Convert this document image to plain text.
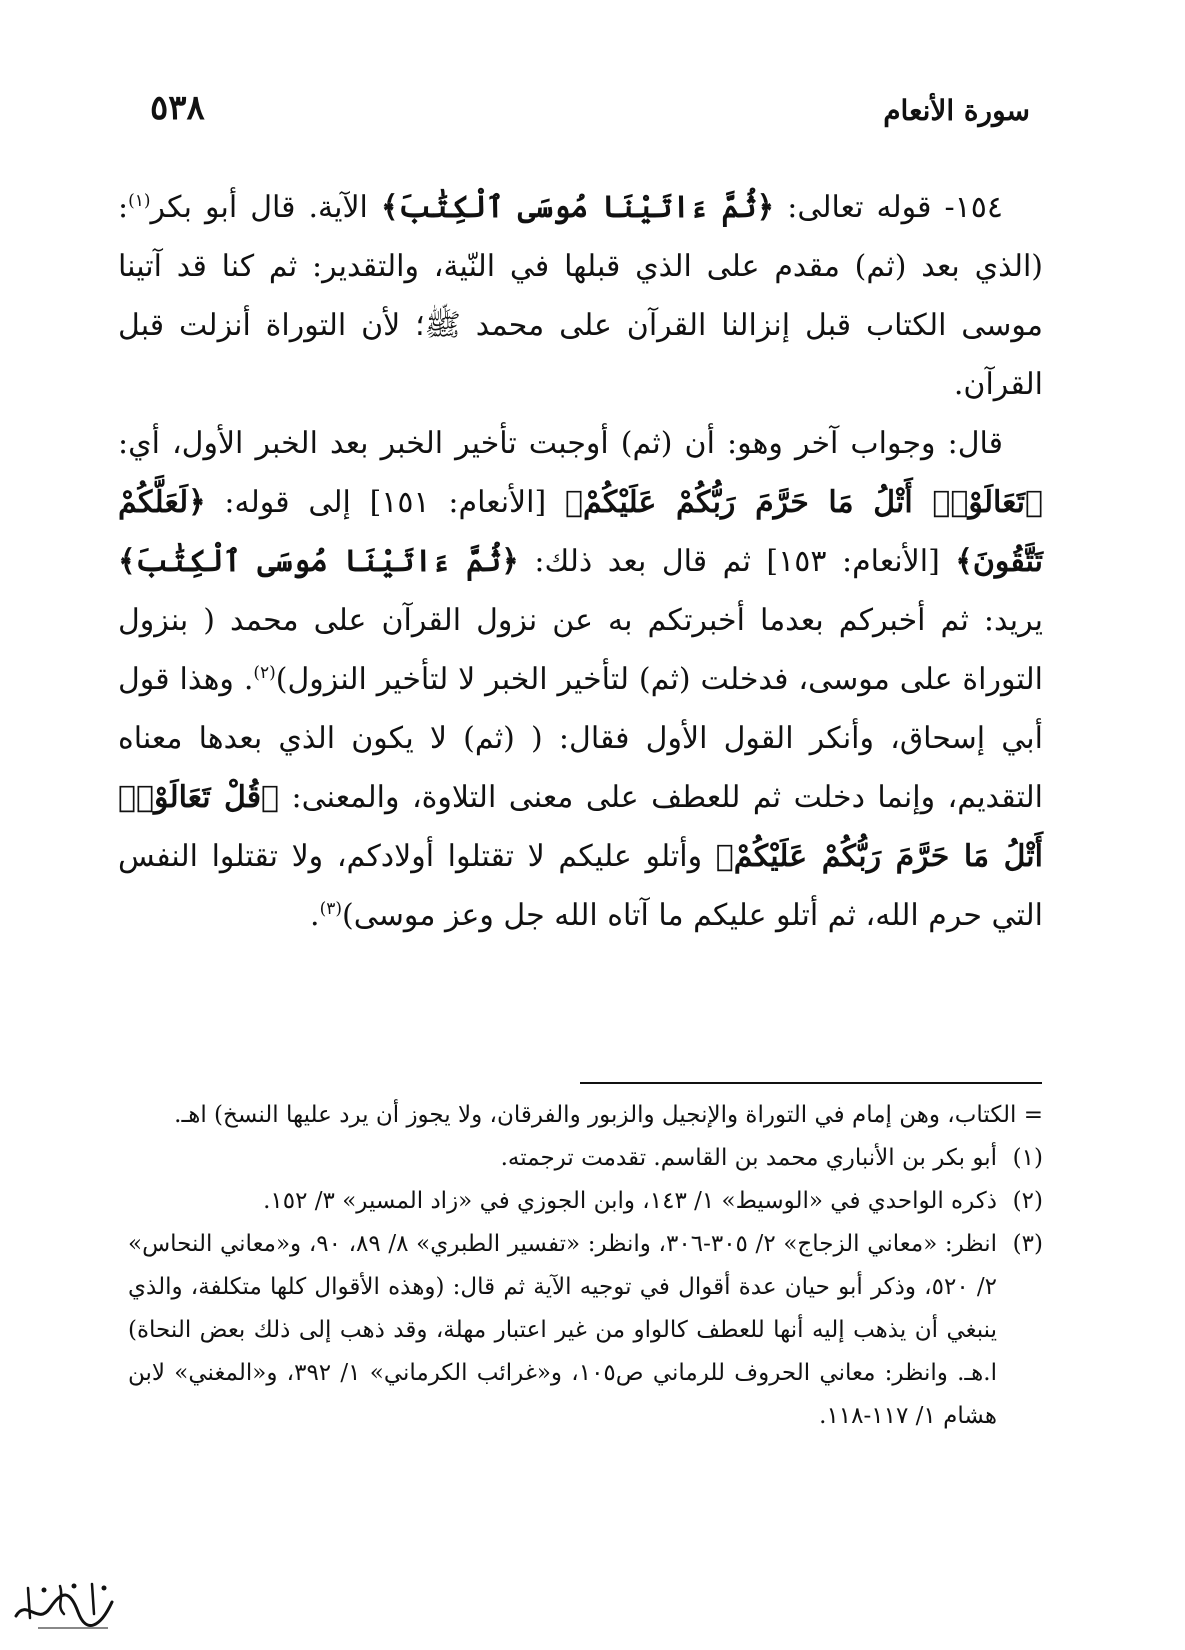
سورة الأنعام
٥٣٨

١٥٤- قوله تعالى: ﴿ثُمَّ ءَاتَيْنَا مُوسَى ٱلْكِتَٰبَ﴾ الآية. قال أبو بكر$^{(١)}$: (الذي بعد (ثم) مقدم على الذي قبلها في النّية، والتقدير: ثم كنا قد آتينا موسى الكتاب قبل إنزالنا القرآن على محمد ﷺ؛ لأن التوراة أنزلت قبل القرآن.

قال: وجواب آخر وهو: أن (ثم) أوجبت تأخير الخبر بعد الخبر الأول، أي: ﴿تَعَالَوْا۟ أَتْلُ مَا حَرَّمَ رَبُّكُمْ عَلَيْكُمْ﴾ [الأنعام: ١٥١] إلى قوله: ﴿لَعَلَّكُمْ تَتَّقُونَ﴾ [الأنعام: ١٥٣] ثم قال بعد ذلك: ﴿ثُمَّ ءَاتَيْنَا مُوسَى ٱلْكِتَٰبَ﴾ يريد: ثم أخبركم بعدما أخبرتكم به عن نزول القرآن على محمد ( بنزول التوراة على موسى، فدخلت (ثم) لتأخير الخبر لا لتأخير النزول)$^{(٢)}$. وهذا قول أبي إسحاق، وأنكر القول الأول فقال: ( (ثم) لا يكون الذي بعدها معناه التقديم، وإنما دخلت ثم للعطف على معنى التلاوة، والمعنى: ﴿قُلْ تَعَالَوْا۟ أَتْلُ مَا حَرَّمَ رَبُّكُمْ عَلَيْكُمْ﴾ وأتلو عليكم لا تقتلوا أولادكم، ولا تقتلوا النفس التي حرم الله، ثم أتلو عليكم ما آتاه الله جل وعز موسى)$^{(٣)}$.

= الكتاب، وهن إمام في التوراة والإنجيل والزبور والفرقان، ولا يجوز أن يرد عليها النسخ) اهـ.

(١)
أبو بكر بن الأنباري محمد بن القاسم. تقدمت ترجمته.
(٢)
ذكره الواحدي في «الوسيط» ١/ ١٤٣، وابن الجوزي في «زاد المسير» ٣/ ١٥٢.
(٣)
انظر: «معاني الزجاج» ٢/ ٣٠٥-٣٠٦، وانظر: «تفسير الطبري» ٨/ ٨٩، ٩٠، و«معاني النحاس» ٢/ ٥٢٠، وذكر أبو حيان عدة أقوال في توجيه الآية ثم قال: (وهذه الأقوال كلها متكلفة، والذي ينبغي أن يذهب إليه أنها للعطف كالواو من غير اعتبار مهلة، وقد ذهب إلى ذلك بعض النحاة) ا.هـ. وانظر: معاني الحروف للرماني ص١٠٥، و«غرائب الكرماني» ١/ ٣٩٢، و«المغني» لابن هشام ١/ ١١٧-١١٨.
